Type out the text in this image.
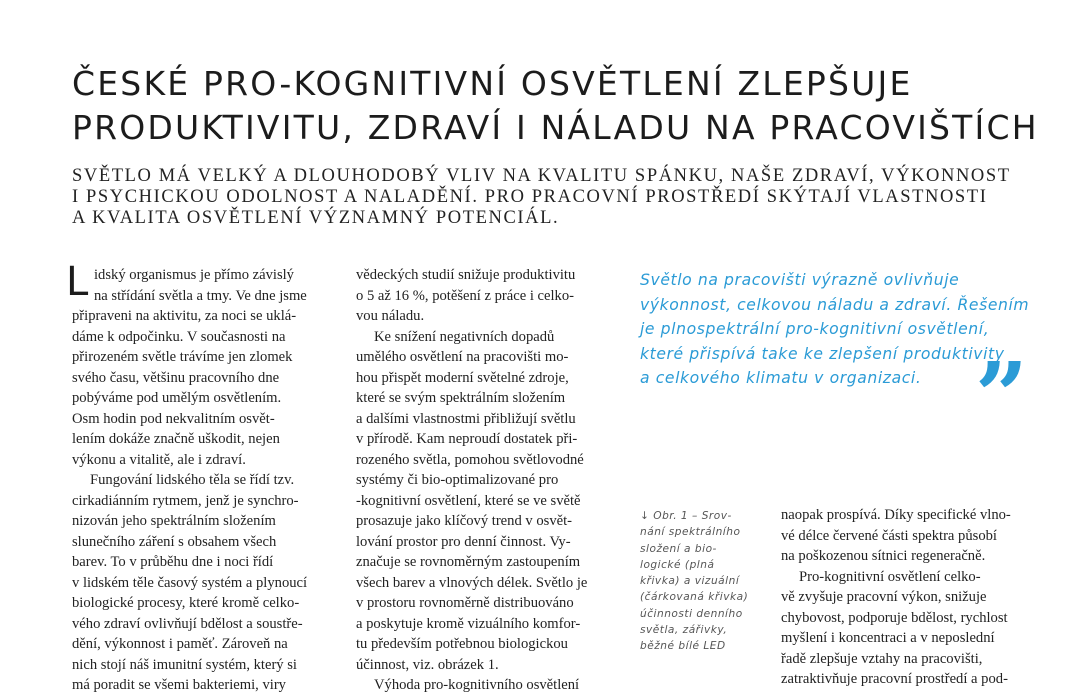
ČESKÉ PRO-KOGNITIVNÍ OSVĚTLENÍ ZLEPŠUJE
PRODUKTIVITU, ZDRAVÍ I NÁLADU NA PRACOVIŠTÍCH
SVĚTLO MÁ VELKÝ A DLOUHODOBÝ VLIV NA KVALITU SPÁNKU, NAŠE ZDRAVÍ, VÝKONNOST
I PSYCHICKOU ODOLNOST A NALADĚNÍ. PRO PRACOVNÍ PROSTŘEDÍ SKÝTAJÍ VLASTNOSTI
A KVALITA OSVĚTLENÍ VÝZNAMNÝ POTENCIÁL.
L idský organismus je přímo závislý
na střídání světla a tmy. Ve dne jsme
připraveni na aktivitu, za noci se uklá-
dáme k odpočinku. V současnosti na
přirozeném světle trávíme jen zlomek
svého času, většinu pracovního dne
pobýváme pod umělým osvětlením.
Osm hodin pod nekvalitním osvět-
lením dokáže značně uškodit, nejen
výkonu a vitalitě, ale i zdraví.
Fungování lidského těla se řídí tzv.
cirkadiánním rytmem, jenž je synchro-
nizován jeho spektrálním složením
slunečního záření s obsahem všech
barev. To v průběhu dne i noci řídí
v lidském těle časový systém a plynoucí
biologické procesy, které kromě celko-
vého zdraví ovlivňují bdělost a soustře-
dění, výkonnost i paměť. Zároveň na
nich stojí náš imunitní systém, který si
má poradit se všemi bakteriemi, viry
vědeckých studií snižuje produktivitu
o 5 až 16 %, potěšení z práce i celko-
vou náladu.
Ke snížení negativních dopadů
umělého osvětlení na pracovišti mo-
hou přispět moderní světelné zdroje,
které se svým spektrálním složením
a dalšími vlastnostmi přibližují světlu
v přírodě. Kam neproudí dostatek při-
rozeného světla, pomohou světlovodné
systémy či bio-optimalizované pro
-kognitivní osvětlení, které se ve světě
prosazuje jako klíčový trend v osvět-
lování prostor pro denní činnost. Vy-
značuje se rovnoměrným zastoupením
všech barev a vlnových délek. Světlo je
v prostoru rovnoměrně distribuováno
a poskytuje kromě vizuálního komfor-
tu především potřebnou biologickou
účinnost, viz. obrázek 1.
Výhoda pro-kognitivního osvětlení
Světlo na pracovišti výrazně ovlivňuje
výkonnost, celkovou náladu a zdraví. Řešením
je plnospektrální pro-kognitivní osvětlení,
které přispívá take ke zlepšení produktivity
a celkového klimatu v organizaci. ”
↓ Obr. 1 – Srov-
nání spektrálního
složení a bio-
logické (plná
křivka) a vizuální
(čárkovaná křivka)
účinnosti denního
světla, zářivky,
běžné bílé LED
naopak prospívá. Díky specifické vlno-
vé délce červené části spektra působí
na poškozenou sítnici regeneračně.
Pro-kognitivní osvětlení celko-
vě zvyšuje pracovní výkon, snižuje
chybovost, podporuje bdělost, rychlost
myšlení i koncentraci a v neposlední
řadě zlepšuje vztahy na pracovišti,
zatraktivňuje pracovní prostředí a pod-
